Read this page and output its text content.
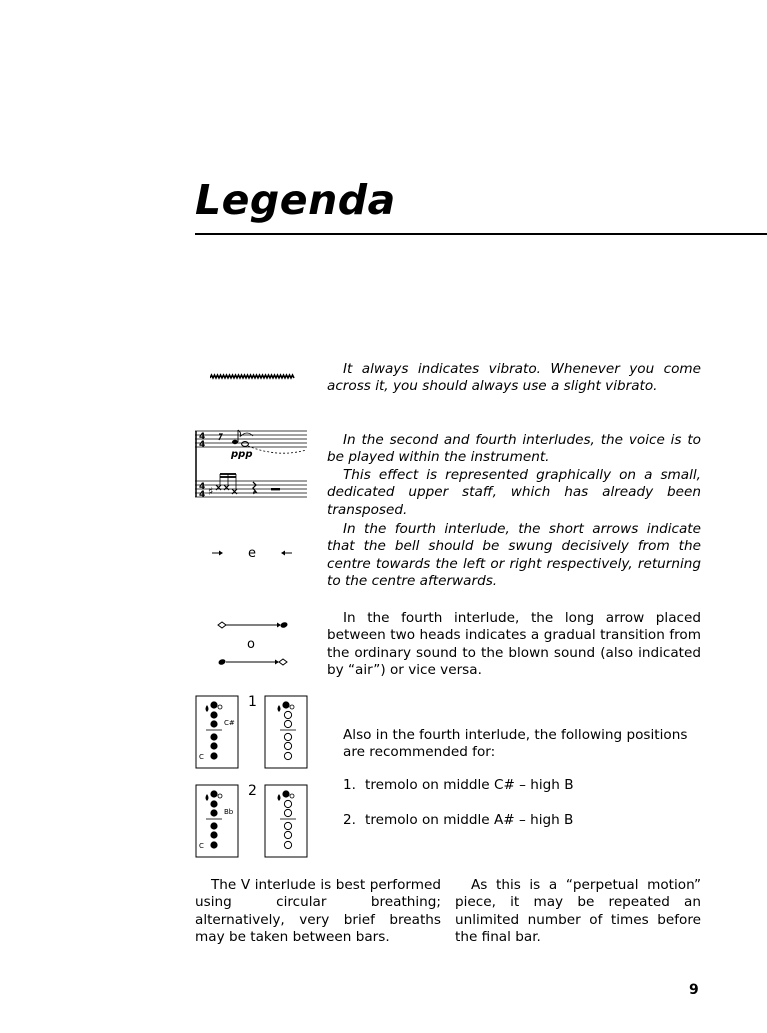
Legenda

It always indicates vibrato. Whenever you come across it, you should always use a slight vibrato.

4
4
4
4
ppp
♯

In the second and fourth interludes, the voice is to be played within the instrument.

This effect is represented graphically on a small, dedicated upper staff, which has already been transposed.

e

In the fourth interlude, the short arrows indicate that the bell should be swung decisively from the centre towards the left or right respectively, returning to the centre afterwards.

o

In the fourth interlude, the long arrow placed between two heads indicates a gradual transition from the ordinary sound to the blown sound (also indicated by “air”) or vice versa.

C#
C
1
Bb
C
2

Also in the fourth interlude, the following positions are recommended for:

1. tremolo on middle C# – high B
2. tremolo on middle A# – high B

The V interlude is best performed using circular breathing; alternatively, very brief breaths may be taken between bars.

As this is a “perpetual motion” piece, it may be repeated an unlimited number of times before the final bar.

9
